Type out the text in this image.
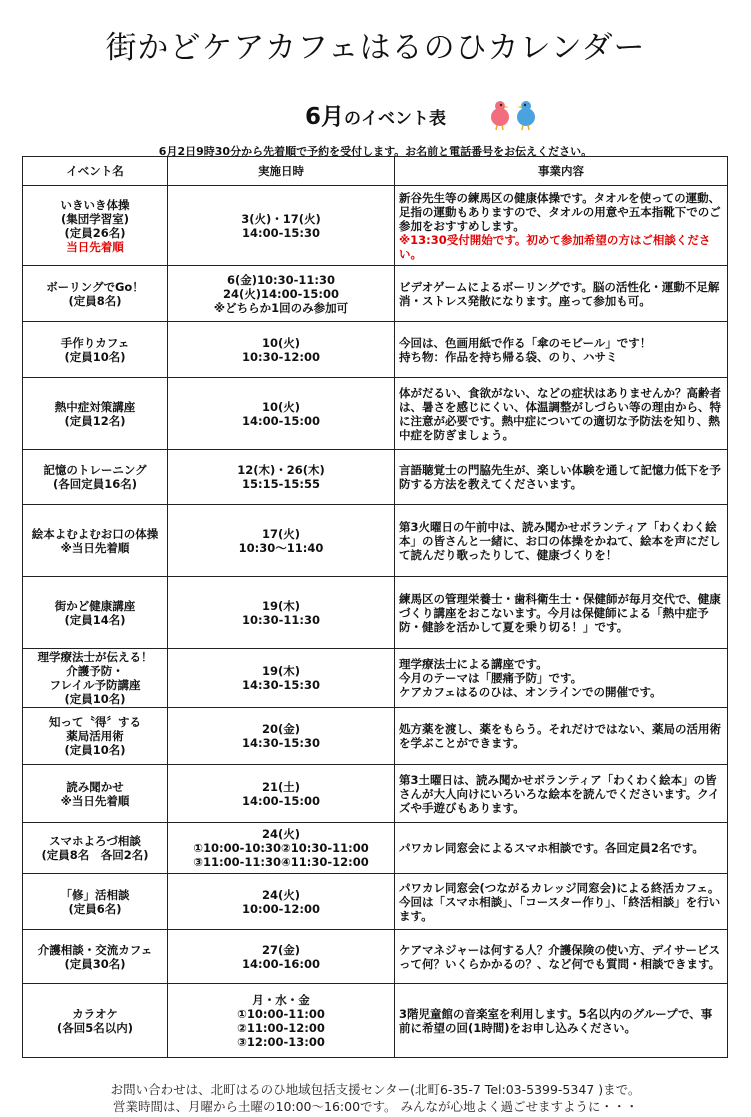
街かどケアカフェはるのひカレンダー
6月のイベント表
6月2日9時30分から先着順で予約を受付します。お名前と電話番号をお伝えください。
イベント名	実施日時	事業内容

いきいき体操
(集団学習室)
(定員26名)
当日先着順	3(火)・17(火)
14:00-15:30	新谷先生等の練馬区の健康体操です。タオルを使っての運動、足指の運動もありますので、タオルの用意や五本指靴下でのご参加をおすすめします。
※13:30受付開始です。初めて参加希望の方はご相談ください。

ボーリングでGo！
(定員8名)	6(金)10:30-11:30
24(火)14:00-15:00
※どちらか1回のみ参加可	ビデオゲームによるボーリングです。脳の活性化・運動不足解消・ストレス発散になります。座って参加も可。

手作りカフェ
(定員10名)	10(火)
10:30-12:00	今回は、色画用紙で作る「傘のモビール」です！
持ち物：作品を持ち帰る袋、のり、ハサミ

熱中症対策講座
(定員12名)	10(火)
14:00-15:00	体がだるい、食欲がない、などの症状はありませんか？高齢者は、暑さを感じにくい、体温調整がしづらい等の理由から、特に注意が必要です。熱中症についての適切な予防法を知り、熱中症を防ぎましょう。

記憶のトレーニング
(各回定員16名)	12(木)・26(木)
15:15-15:55	言語聴覚士の門脇先生が、楽しい体験を通して記憶力低下を予防する方法を教えてくださいます。

絵本よむよむお口の体操
※当日先着順	17(火)
10:30～11:40	第3火曜日の午前中は、読み聞かせボランティア「わくわく絵本」の皆さんと一緒に、お口の体操をかねて、絵本を声にだして読んだり歌ったりして、健康づくりを！

街かど健康講座
(定員14名)	19(木)
10:30-11:30	練馬区の管理栄養士・歯科衛生士・保健師が毎月交代で、健康づくり講座をおこないます。今月は保健師による「熱中症予防・健診を活かして夏を乗り切る！」です。

理学療法士が伝える！
介護予防・
フレイル予防講座
(定員10名)	19(木)
14:30-15:30	理学療法士による講座です。
今月のテーマは「腰痛予防」です。
ケアカフェはるのひは、オンラインでの開催です。

知って〝得〞する
薬局活用術
(定員10名)	20(金)
14:30-15:30	処方薬を渡し、薬をもらう。それだけではない、薬局の活用術を学ぶことができます。

読み聞かせ
※当日先着順	21(土)
14:00-15:00	第3土曜日は、読み聞かせボランティア「わくわく絵本」の皆さんが大人向けにいろいろな絵本を読んでくださいます。クイズや手遊びもあります。

スマホよろづ相談
(定員8名　各回2名)	24(火)
①10:00-10:30②10:30-11:00
③11:00-11:30④11:30-12:00	パワカレ同窓会によるスマホ相談です。各回定員2名です。

「修」活相談
(定員6名)	24(火)
10:00-12:00	パワカレ同窓会(つながるカレッジ同窓会)による終活カフェ。今回は「スマホ相談」、「コースター作り」、「終活相談」を行います。

介護相談・交流カフェ
(定員30名)	27(金)
14:00-16:00	ケアマネジャーは何する人？介護保険の使い方、デイサービスって何？いくらかかるの？、など何でも質問・相談できます。

カラオケ
(各回5名以内)	月・水・金
①10:00-11:00
②11:00-12:00
③12:00-13:00	3階児童館の音楽室を利用します。5名以内のグループで、事前に希望の回(1時間)をお申し込みください。
お問い合わせは、北町はるのひ地域包括支援センター(北町6-35-7 Tel:03-5399-5347 )まで。
営業時間は、月曜から土曜の10:00～16:00です。 みんなが心地よく過ごせますように・・・
